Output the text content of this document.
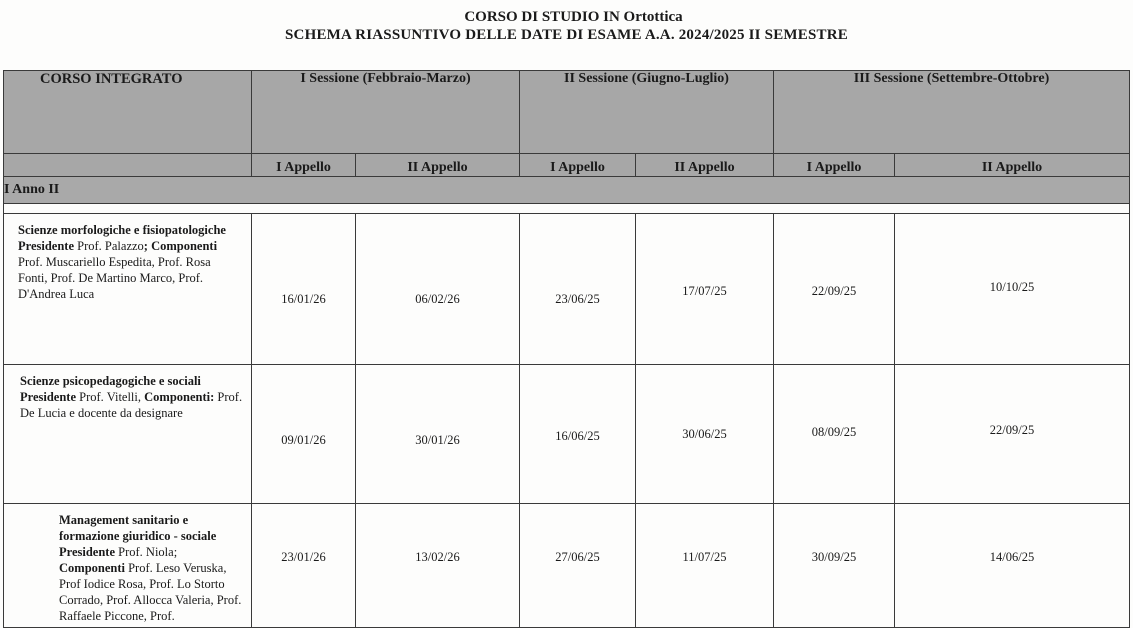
CORSO DI STUDIO IN Ortottica
SCHEMA RIASSUNTIVO DELLE DATE DI ESAME A.A. 2024/2025 II SEMESTRE
CORSO INTEGRATO	I Sessione (Febbraio-Marzo)		II Sessione (Giugno-Luglio)		III Sessione (Settembre-Ottobre)	
	I Appello	II Appello	I Appello	II Appello	I Appello	II Appello
I Anno II						

Scienze morfologiche e fisiopatologiche Presidente Prof. Palazzo; Componenti Prof. Muscariello Espedita, Prof. Rosa Fonti, Prof. De Martino Marco, Prof. D'Andrea Luca	16/01/26	06/02/26	23/06/25	17/07/25	22/09/25	10/10/25
Scienze psicopedagogiche e sociali Presidente Prof. Vitelli, Componenti: Prof. De Lucia e docente da designare	09/01/26	30/01/26	16/06/25	30/06/25	08/09/25	22/09/25

Management sanitario e formazione giuridico - sociale Presidente Prof. Niola; Componenti Prof. Leso Veruska, Prof Iodice Rosa, Prof. Lo Storto Corrado, Prof. Allocca Valeria, Prof. Raffaele Piccone, Prof.	23/01/26	13/02/26	27/06/25	11/07/25	30/09/25	14/06/25
